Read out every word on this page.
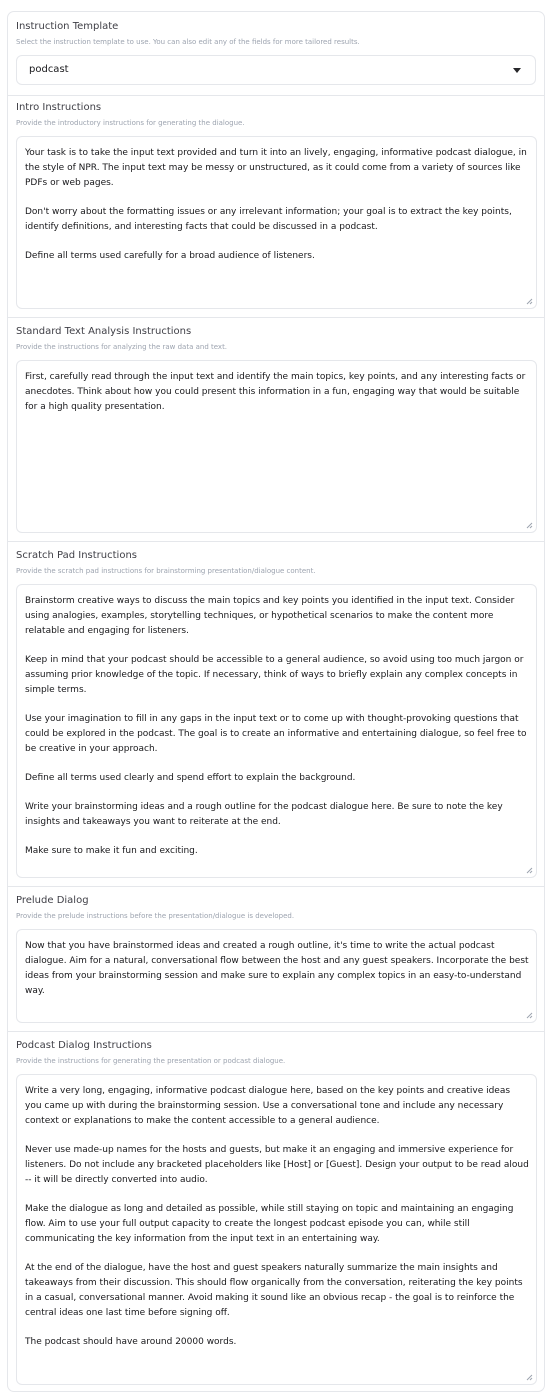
Instruction Template
Select the instruction template to use. You can also edit any of the fields for more tailored results.
podcast
Intro Instructions
Provide the introductory instructions for generating the dialogue.

Your task is to take the input text provided and turn it into an lively, engaging, informative podcast dialogue, in the style of NPR. The input text may be messy or unstructured, as it could come from a variety of sources like PDFs or web pages.

Don't worry about the formatting issues or any irrelevant information; your goal is to extract the key points, identify definitions, and interesting facts that could be discussed in a podcast.

Define all terms used carefully for a broad audience of listeners.

Standard Text Analysis Instructions
Provide the instructions for analyzing the raw data and text.

First, carefully read through the input text and identify the main topics, key points, and any interesting facts or anecdotes. Think about how you could present this information in a fun, engaging way that would be suitable for a high quality presentation.

Scratch Pad Instructions
Provide the scratch pad instructions for brainstorming presentation/dialogue content.

Brainstorm creative ways to discuss the main topics and key points you identified in the input text. Consider using analogies, examples, storytelling techniques, or hypothetical scenarios to make the content more relatable and engaging for listeners.

Keep in mind that your podcast should be accessible to a general audience, so avoid using too much jargon or assuming prior knowledge of the topic. If necessary, think of ways to briefly explain any complex concepts in simple terms.

Use your imagination to fill in any gaps in the input text or to come up with thought-provoking questions that could be explored in the podcast. The goal is to create an informative and entertaining dialogue, so feel free to be creative in your approach.

Define all terms used clearly and spend effort to explain the background.

Write your brainstorming ideas and a rough outline for the podcast dialogue here. Be sure to note the key insights and takeaways you want to reiterate at the end.

Make sure to make it fun and exciting.

Prelude Dialog
Provide the prelude instructions before the presentation/dialogue is developed.

Now that you have brainstormed ideas and created a rough outline, it's time to write the actual podcast dialogue. Aim for a natural, conversational flow between the host and any guest speakers. Incorporate the best ideas from your brainstorming session and make sure to explain any complex topics in an easy-to-understand way.

Podcast Dialog Instructions
Provide the instructions for generating the presentation or podcast dialogue.

Write a very long, engaging, informative podcast dialogue here, based on the key points and creative ideas you came up with during the brainstorming session. Use a conversational tone and include any necessary context or explanations to make the content accessible to a general audience.

Never use made-up names for the hosts and guests, but make it an engaging and immersive experience for listeners. Do not include any bracketed placeholders like [Host] or [Guest]. Design your output to be read aloud -- it will be directly converted into audio.

Make the dialogue as long and detailed as possible, while still staying on topic and maintaining an engaging flow. Aim to use your full output capacity to create the longest podcast episode you can, while still communicating the key information from the input text in an entertaining way.

At the end of the dialogue, have the host and guest speakers naturally summarize the main insights and takeaways from their discussion. This should flow organically from the conversation, reiterating the key points in a casual, conversational manner. Avoid making it sound like an obvious recap - the goal is to reinforce the central ideas one last time before signing off.

The podcast should have around 20000 words.
